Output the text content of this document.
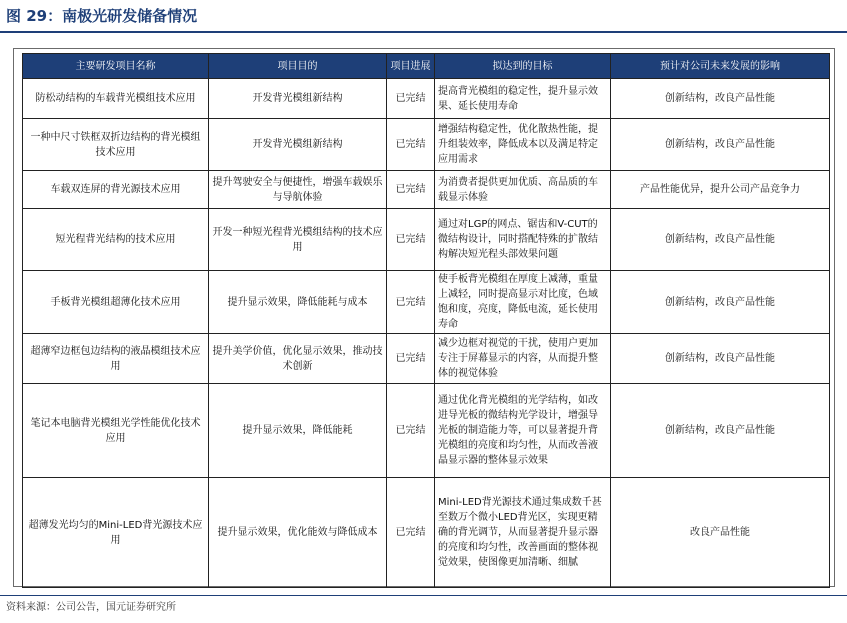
图 29：南极光研发储备情况
主要研发项目名称	项目目的	项目进展	拟达到的目标	预计对公司未来发展的影响
防松动结构的车载背光模组技术应用	开发背光模组新结构	已完结	提高背光模组的稳定性，提升显示效果、延长使用寿命	创新结构，改良产品性能
一种中尺寸铁框双折边结构的背光模组技术应用	开发背光模组新结构	已完结	增强结构稳定性，优化散热性能，提升组装效率，降低成本以及满足特定应用需求	创新结构，改良产品性能
车载双连屏的背光源技术应用	提升驾驶安全与便捷性，增强车载娱乐与导航体验	已完结	为消费者提供更加优质、高品质的车载显示体验	产品性能优异，提升公司产品竞争力
短光程背光结构的技术应用	开发一种短光程背光模组结构的技术应用	已完结	通过对LGP的网点、锯齿和V-CUT的微结构设计，同时搭配特殊的扩散结构解决短光程头部效果问题	创新结构，改良产品性能
手板背光模组超薄化技术应用	提升显示效果，降低能耗与成本	已完结	使手板背光模组在厚度上减薄，重量上减轻，同时提高显示对比度，色域饱和度，亮度，降低电流，延长使用寿命	创新结构，改良产品性能
超薄窄边框包边结构的液晶模组技术应用	提升美学价值，优化显示效果，推动技术创新	已完结	减少边框对视觉的干扰，使用户更加专注于屏幕显示的内容，从而提升整体的视觉体验	创新结构，改良产品性能
笔记本电脑背光模组光学性能优化技术应用	提升显示效果，降低能耗	已完结	通过优化背光模组的光学结构，如改进导光板的微结构光学设计，增强导光板的制造能力等，可以显著提升背光模组的亮度和均匀性，从而改善液晶显示器的整体显示效果	创新结构，改良产品性能
超薄发光均匀的Mini-LED背光源技术应用	提升显示效果，优化能效与降低成本	已完结	Mini-LED背光源技术通过集成数千甚至数万个微小LED背光区，实现更精确的背光调节，从而显著提升显示器的亮度和均匀性，改善画面的整体视觉效果，使图像更加清晰、细腻	改良产品性能
资料来源：公司公告，国元证券研究所
